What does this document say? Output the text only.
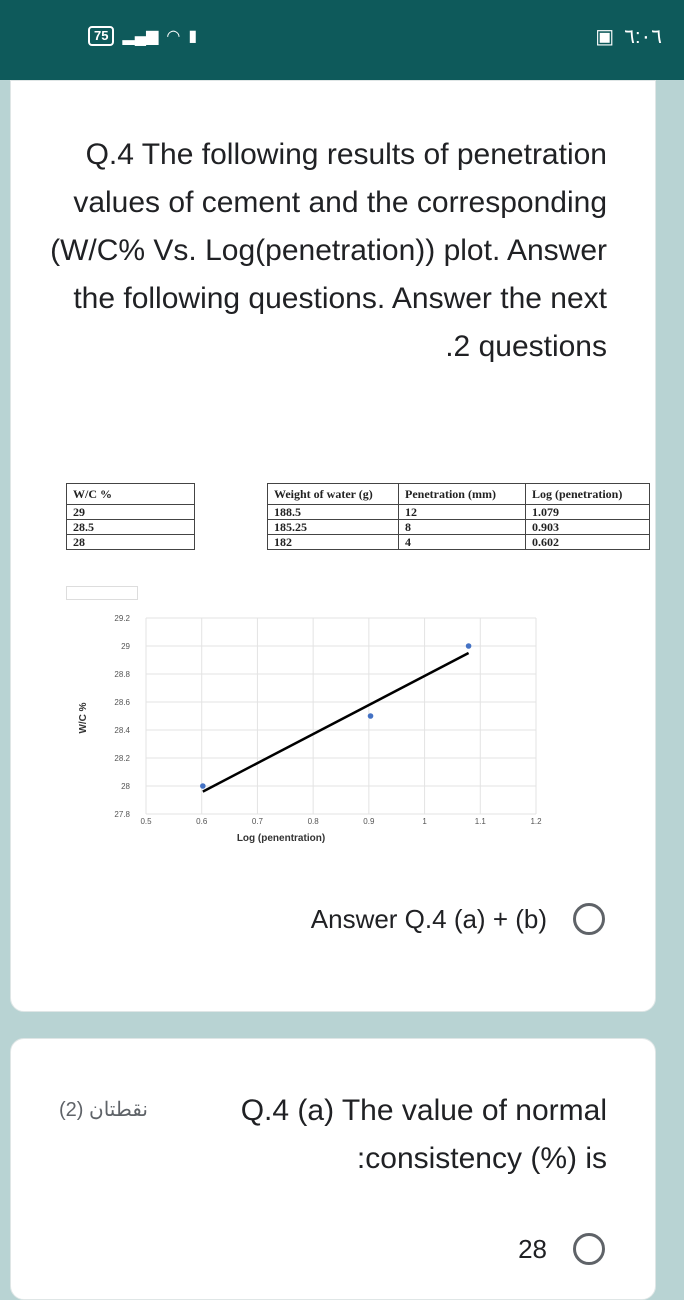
75 ▂▄▆ ◠ ▮	▣ ٦:٠٦
Q.4 The following results of penetration values of cement and the corresponding (W/C% Vs. Log(penetration)) plot. Answer the following questions. Answer the next .2 questions
W/C %		Weight of water (g)	Penetration (mm)	Log (penetration)
29		188.5	12	1.079
28.5		185.25	8	0.903
28		182	4	0.602
29.2
29
28.8
28.6
28.4
28.2
28
27.8
0.5	0.6	0.7	0.8	0.9	1	1.1	1.2
Log (penentration)
W/C %
Answer Q.4 (a) + (b)
نقطتان (2)	Q.4 (a) The value of normal :consistency (%) is
28
